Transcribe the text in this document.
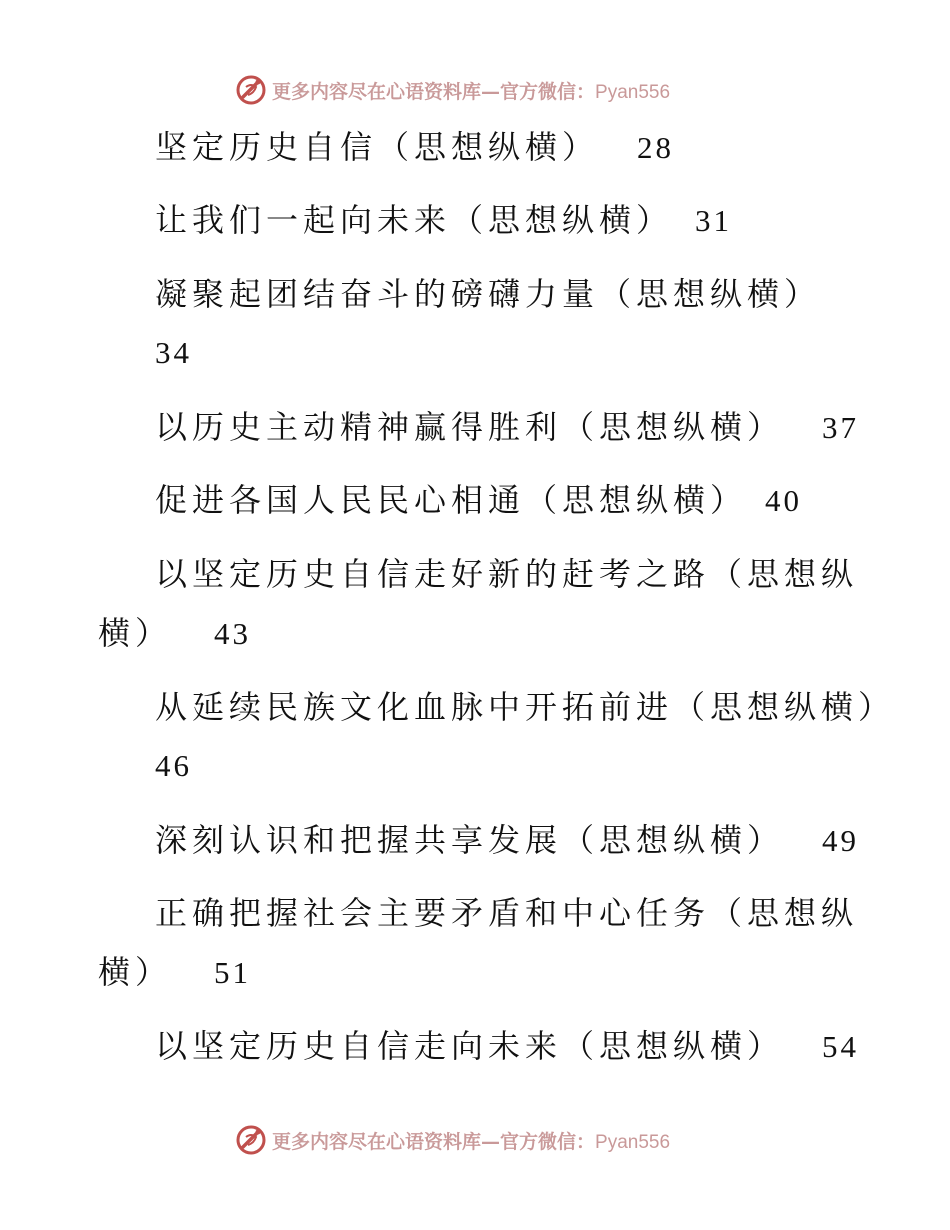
更多内容尽在心语资料库—官方微信：Pyan556
坚定历史自信（思想纵横） 28
让我们一起向未来（思想纵横） 31
凝聚起团结奋斗的磅礴力量（思想纵横）
34
以历史主动精神赢得胜利（思想纵横） 37
促进各国人民民心相通（思想纵横） 40
以坚定历史自信走好新的赶考之路（思想纵
横） 43
从延续民族文化血脉中开拓前进（思想纵横）
46
深刻认识和把握共享发展（思想纵横） 49
正确把握社会主要矛盾和中心任务（思想纵
横） 51
以坚定历史自信走向未来（思想纵横） 54
更多内容尽在心语资料库—官方微信：Pyan556
